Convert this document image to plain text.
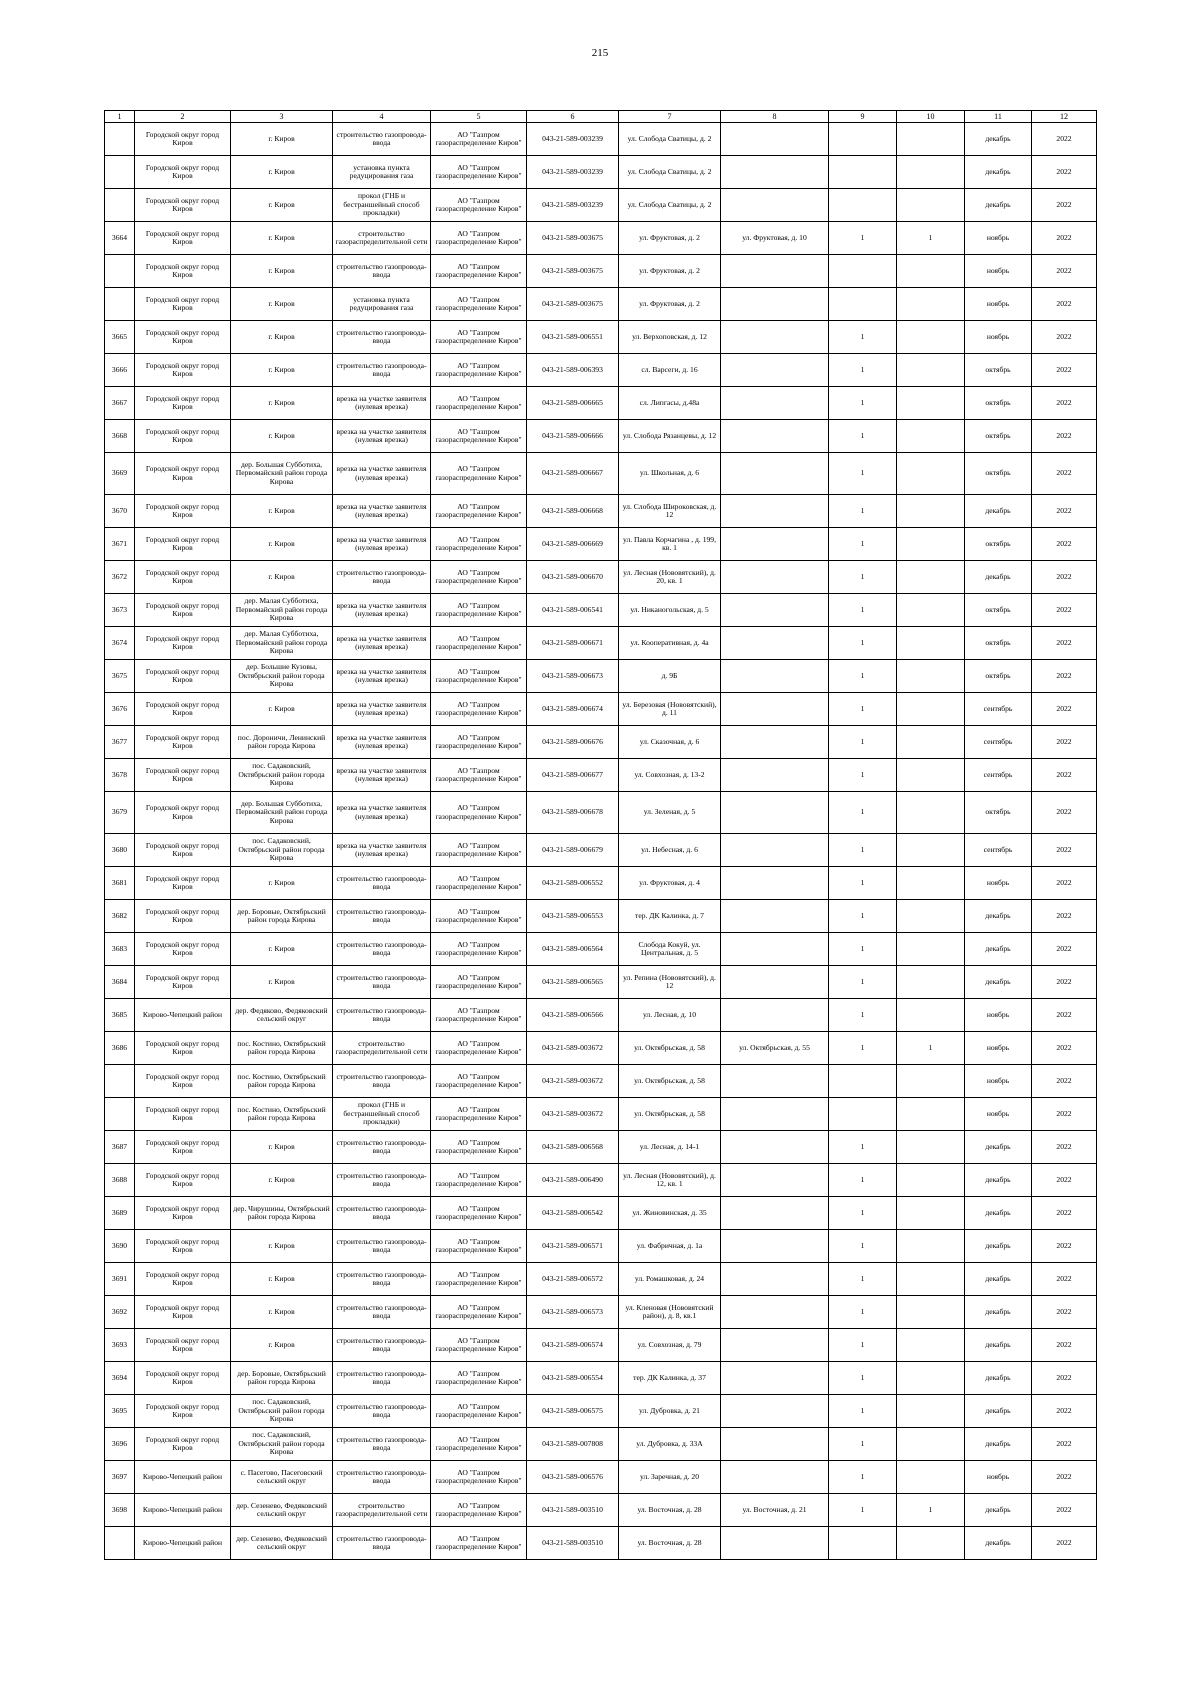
215
1	2	3	4	5	6	7	8	9	10	11	12

	Городской округ город Киров	г. Киров	строительство газопровода-ввода	АО "Газпром газораспределение Киров"	043-21-589-003239	ул. Слобода Сватицы, д. 2				декабрь	2022

	Городской округ город Киров	г. Киров	установка пункта редуцирования газа	АО "Газпром газораспределение Киров"	043-21-589-003239	ул. Слобода Сватицы, д. 2				декабрь	2022

	Городской округ город Киров	г. Киров	прокол (ГНБ и бестраншейный способ прокладки)	АО "Газпром газораспределение Киров"	043-21-589-003239	ул. Слобода Сватицы, д. 2				декабрь	2022

3664	Городской округ город Киров	г. Киров	строительство газораспределительной сети	АО "Газпром газораспределение Киров"	043-21-589-003675	ул. Фруктовая, д. 2	ул. Фруктовая, д. 10	1	1	ноябрь	2022

	Городской округ город Киров	г. Киров	строительство газопровода-ввода	АО "Газпром газораспределение Киров"	043-21-589-003675	ул. Фруктовая, д. 2				ноябрь	2022

	Городской округ город Киров	г. Киров	установка пункта редуцирования газа	АО "Газпром газораспределение Киров"	043-21-589-003675	ул. Фруктовая, д. 2				ноябрь	2022

3665	Городской округ город Киров	г. Киров	строительство газопровода-ввода	АО "Газпром газораспределение Киров"	043-21-589-006551	ул. Верхоповская, д. 12		1		ноябрь	2022

3666	Городской округ город Киров	г. Киров	строительство газопровода-ввода	АО "Газпром газораспределение Киров"	043-21-589-006393	сл. Варсеги, д. 16		1		октябрь	2022

3667	Городской округ город Киров	г. Киров	врезка на участке заявителя (нулевая врезка)	АО "Газпром газораспределение Киров"	043-21-589-006665	сл. Липгасы, д.48а		1		октябрь	2022

3668	Городской округ город Киров	г. Киров	врезка на участке заявителя (нулевая врезка)	АО "Газпром газораспределение Киров"	043-21-589-006666	ул. Слобода Рязанцевы, д. 12		1		октябрь	2022

3669	Городской округ город Киров	дер. Большая Субботиха, Первомайский район города Кирова	врезка на участке заявителя (нулевая врезка)	АО "Газпром газораспределение Киров"	043-21-589-006667	ул. Школьная, д. 6		1		октябрь	2022

3670	Городской округ город Киров	г. Киров	врезка на участке заявителя (нулевая врезка)	АО "Газпром газораспределение Киров"	043-21-589-006668	ул. Слобода Широковская, д. 12		1		декабрь	2022

3671	Городской округ город Киров	г. Киров	врезка на участке заявителя (нулевая врезка)	АО "Газпром газораспределение Киров"	043-21-589-006669	ул. Павла Корчагина , д. 199, кв. 1		1		октябрь	2022

3672	Городской округ город Киров	г. Киров	строительство газопровода-ввода	АО "Газпром газораспределение Киров"	043-21-589-006670	ул. Лесная (Нововятский), д. 20, кв. 1		1		декабрь	2022

3673	Городской округ город Киров	дер. Малая Субботиха, Первомайский район города Кирова	врезка на участке заявителя (нулевая врезка)	АО "Газпром газораспределение Киров"	043-21-589-006541	ул. Никаногольская, д. 5		1		октябрь	2022

3674	Городской округ город Киров	дер. Малая Субботиха, Первомайский район города Кирова	врезка на участке заявителя (нулевая врезка)	АО "Газпром газораспределение Киров"	043-21-589-006671	ул. Кооперативная, д. 4а		1		октябрь	2022

3675	Городской округ город Киров	дер. Большие Кузовы, Октябрьский район города Кирова	врезка на участке заявителя (нулевая врезка)	АО "Газпром газораспределение Киров"	043-21-589-006673	д. 9Б		1		октябрь	2022

3676	Городской округ город Киров	г. Киров	врезка на участке заявителя (нулевая врезка)	АО "Газпром газораспределение Киров"	043-21-589-006674	ул. Березовая (Нововятский), д. 11		1		сентябрь	2022

3677	Городской округ город Киров	пос. Дороничи, Ленинский район города Кирова	врезка на участке заявителя (нулевая врезка)	АО "Газпром газораспределение Киров"	043-21-589-006676	ул. Сказочная, д. 6		1		сентябрь	2022

3678	Городской округ город Киров	пос. Садаковский, Октябрьский район города Кирова	врезка на участке заявителя (нулевая врезка)	АО "Газпром газораспределение Киров"	043-21-589-006677	ул. Совхозная, д. 13-2		1		сентябрь	2022

3679	Городской округ город Киров	дер. Большая Субботиха, Первомайский район города Кирова	врезка на участке заявителя (нулевая врезка)	АО "Газпром газораспределение Киров"	043-21-589-006678	ул. Зеленая, д. 5		1		октябрь	2022

3680	Городской округ город Киров	пос. Садаковский, Октябрьский район города Кирова	врезка на участке заявителя (нулевая врезка)	АО "Газпром газораспределение Киров"	043-21-589-006679	ул. Небесная, д. 6		1		сентябрь	2022

3681	Городской округ город Киров	г. Киров	строительство газопровода-ввода	АО "Газпром газораспределение Киров"	043-21-589-006552	ул. Фруктовая, д. 4		1		ноябрь	2022

3682	Городской округ город Киров	дер. Боровые, Октябрьский район города Кирова	строительство газопровода-ввода	АО "Газпром газораспределение Киров"	043-21-589-006553	тер. ДК Калинка, д. 7		1		декабрь	2022

3683	Городской округ город Киров	г. Киров	строительство газопровода-ввода	АО "Газпром газораспределение Киров"	043-21-589-006564	Слобода Кокуй, ул. Центральная, д. 5		1		декабрь	2022

3684	Городской округ город Киров	г. Киров	строительство газопровода-ввода	АО "Газпром газораспределение Киров"	043-21-589-006565	ул. Репина (Нововятский), д. 12		1		декабрь	2022

3685	Кирово-Чепецкий район	дер. Федяково, Федяковский сельский округ	строительство газопровода-ввода	АО "Газпром газораспределение Киров"	043-21-589-006566	ул. Лесная, д. 10		1		ноябрь	2022

3686	Городской округ город Киров	пос. Костино, Октябрьский район города Кирова	строительство газораспределительной сети	АО "Газпром газораспределение Киров"	043-21-589-003672	ул. Октябрьская, д. 58	ул. Октябрьская, д. 55	1	1	ноябрь	2022

	Городской округ город Киров	пос. Костино, Октябрьский район города Кирова	строительство газопровода-ввода	АО "Газпром газораспределение Киров"	043-21-589-003672	ул. Октябрьская, д. 58				ноябрь	2022

	Городской округ город Киров	пос. Костино, Октябрьский район города Кирова	прокол (ГНБ и бестраншейный способ прокладки)	АО "Газпром газораспределение Киров"	043-21-589-003672	ул. Октябрьская, д. 58				ноябрь	2022

3687	Городской округ город Киров	г. Киров	строительство газопровода-ввода	АО "Газпром газораспределение Киров"	043-21-589-006568	ул. Лесная, д. 14-1		1		декабрь	2022

3688	Городской округ город Киров	г. Киров	строительство газопровода-ввода	АО "Газпром газораспределение Киров"	043-21-589-006490	ул. Лесная (Нововятский), д. 12, кв. 1		1		декабрь	2022

3689	Городской округ город Киров	дер. Чирушины, Октябрьский район города Кирова	строительство газопровода-ввода	АО "Газпром газораспределение Киров"	043-21-589-006542	ул. Жиновинская, д. 35		1		декабрь	2022

3690	Городской округ город Киров	г. Киров	строительство газопровода-ввода	АО "Газпром газораспределение Киров"	043-21-589-006571	ул. Фабричная, д. 1а		1		декабрь	2022

3691	Городской округ город Киров	г. Киров	строительство газопровода-ввода	АО "Газпром газораспределение Киров"	043-21-589-006572	ул. Ромашковая, д. 24		1		декабрь	2022

3692	Городской округ город Киров	г. Киров	строительство газопровода-ввода	АО "Газпром газораспределение Киров"	043-21-589-006573	ул. Кленовая (Нововятский район), д. 8, кв.1		1		декабрь	2022

3693	Городской округ город Киров	г. Киров	строительство газопровода-ввода	АО "Газпром газораспределение Киров"	043-21-589-006574	ул. Совхозная, д. 79		1		декабрь	2022

3694	Городской округ город Киров	дер. Боровые, Октябрьский район города Кирова	строительство газопровода-ввода	АО "Газпром газораспределение Киров"	043-21-589-006554	тер. ДК Калинка, д. 37		1		декабрь	2022

3695	Городской округ город Киров	пос. Садаковский, Октябрьский район города Кирова	строительство газопровода-ввода	АО "Газпром газораспределение Киров"	043-21-589-006575	ул. Дубровка, д. 21		1		декабрь	2022

3696	Городской округ город Киров	пос. Садаковский, Октябрьский район города Кирова	строительство газопровода-ввода	АО "Газпром газораспределение Киров"	043-21-589-007808	ул. Дубровка, д. 33А		1		декабрь	2022

3697	Кирово-Чепецкий район	с. Пасегово, Пасеговский сельский округ	строительство газопровода-ввода	АО "Газпром газораспределение Киров"	043-21-589-006576	ул. Заречная, д. 20		1		ноябрь	2022

3698	Кирово-Чепецкий район	дер. Сезенево, Федяковский сельский округ	строительство газораспределительной сети	АО "Газпром газораспределение Киров"	043-21-589-003510	ул. Восточная, д. 28	ул. Восточная, д. 21	1	1	декабрь	2022

	Кирово-Чепецкий район	дер. Сезенево, Федяковский сельский округ	строительство газопровода-ввода	АО "Газпром газораспределение Киров"	043-21-589-003510	ул. Восточная, д. 28				декабрь	2022
